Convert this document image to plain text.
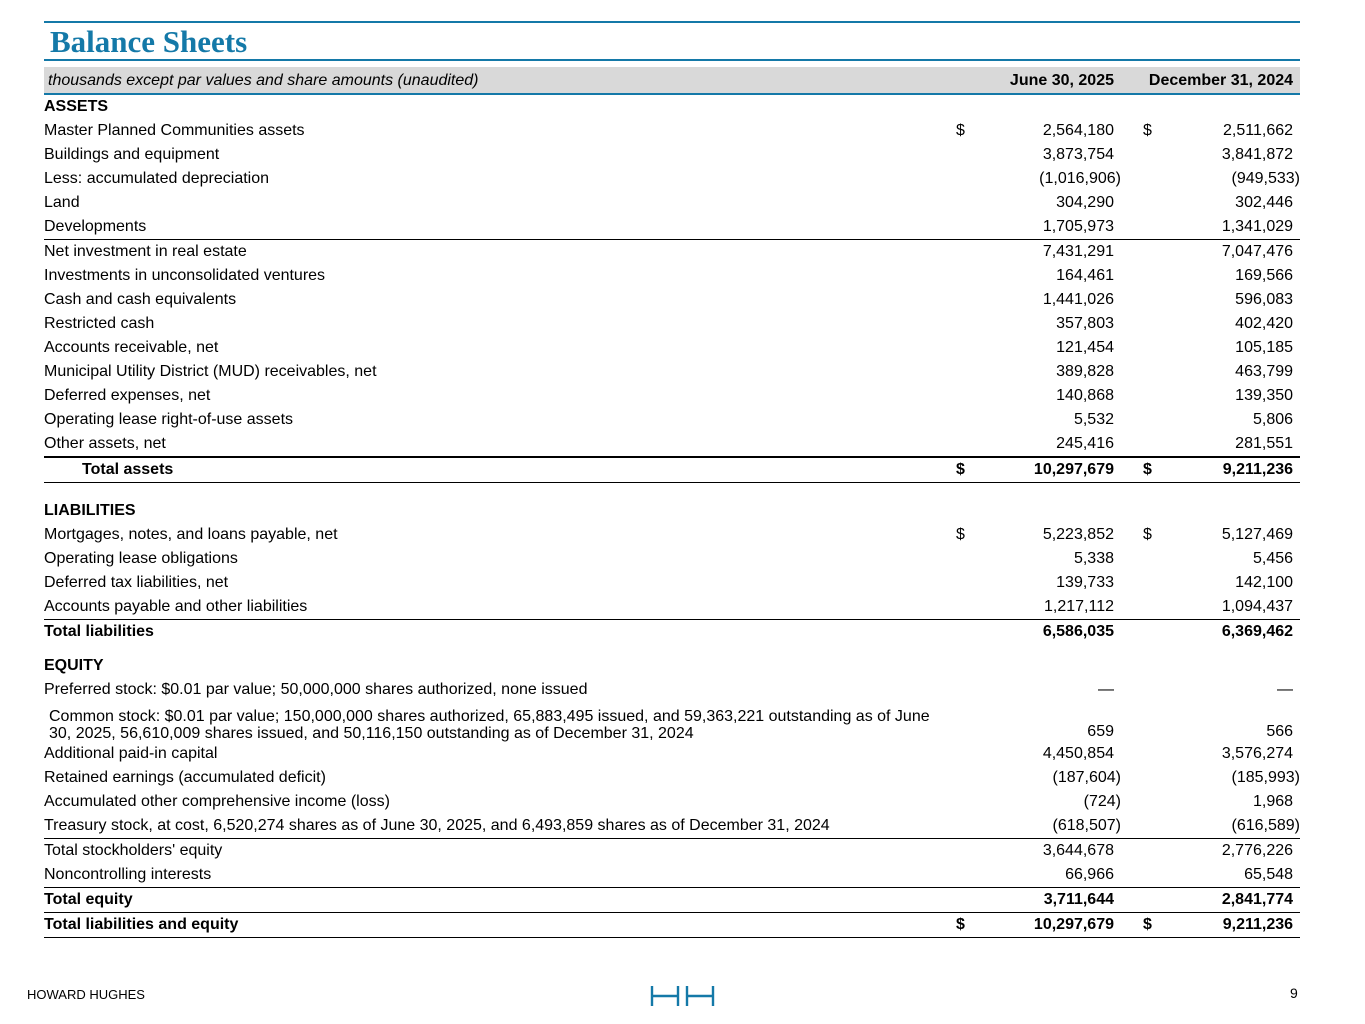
Balance Sheets
thousands except par values and share amounts (unaudited)		June 30, 2025		December 31, 2024	
ASSETS					
Master Planned Communities assets	$	2,564,180		$	2,511,662
Buildings and equipment		3,873,754			3,841,872
Less: accumulated depreciation		(1,016,906)			(949,533)
Land		304,290			302,446
Developments		1,705,973			1,341,029
Net investment in real estate		7,431,291			7,047,476
Investments in unconsolidated ventures		164,461			169,566
Cash and cash equivalents		1,441,026			596,083
Restricted cash		357,803			402,420
Accounts receivable, net		121,454			105,185
Municipal Utility District (MUD) receivables, net		389,828			463,799
Deferred expenses, net		140,868			139,350
Operating lease right-of-use assets		5,532			5,806
Other assets, net		245,416			281,551
Total assets	$	10,297,679		$	9,211,236

LIABILITIES					
Mortgages, notes, and loans payable, net	$	5,223,852		$	5,127,469
Operating lease obligations		5,338			5,456
Deferred tax liabilities, net		139,733			142,100
Accounts payable and other liabilities		1,217,112			1,094,437
Total liabilities		6,586,035			6,369,462

EQUITY					
Preferred stock: $0.01 par value; 50,000,000 shares authorized, none issued		—			—
Common stock: $0.01 par value; 150,000,000 shares authorized, 65,883,495 issued, and 59,363,221 outstanding as of June 30, 2025, 56,610,009 shares issued, and 50,116,150 outstanding as of December 31, 2024		659			566
Additional paid-in capital		4,450,854			3,576,274
Retained earnings (accumulated deficit)		(187,604)			(185,993)
Accumulated other comprehensive income (loss)		(724)			1,968
Treasury stock, at cost, 6,520,274 shares as of June 30, 2025, and 6,493,859 shares as of December 31, 2024		(618,507)			(616,589)
Total stockholders' equity		3,644,678			2,776,226
Noncontrolling interests		66,966			65,548
Total equity		3,711,644			2,841,774
Total liabilities and equity	$	10,297,679		$	9,211,236
HOWARD HUGHES	9
